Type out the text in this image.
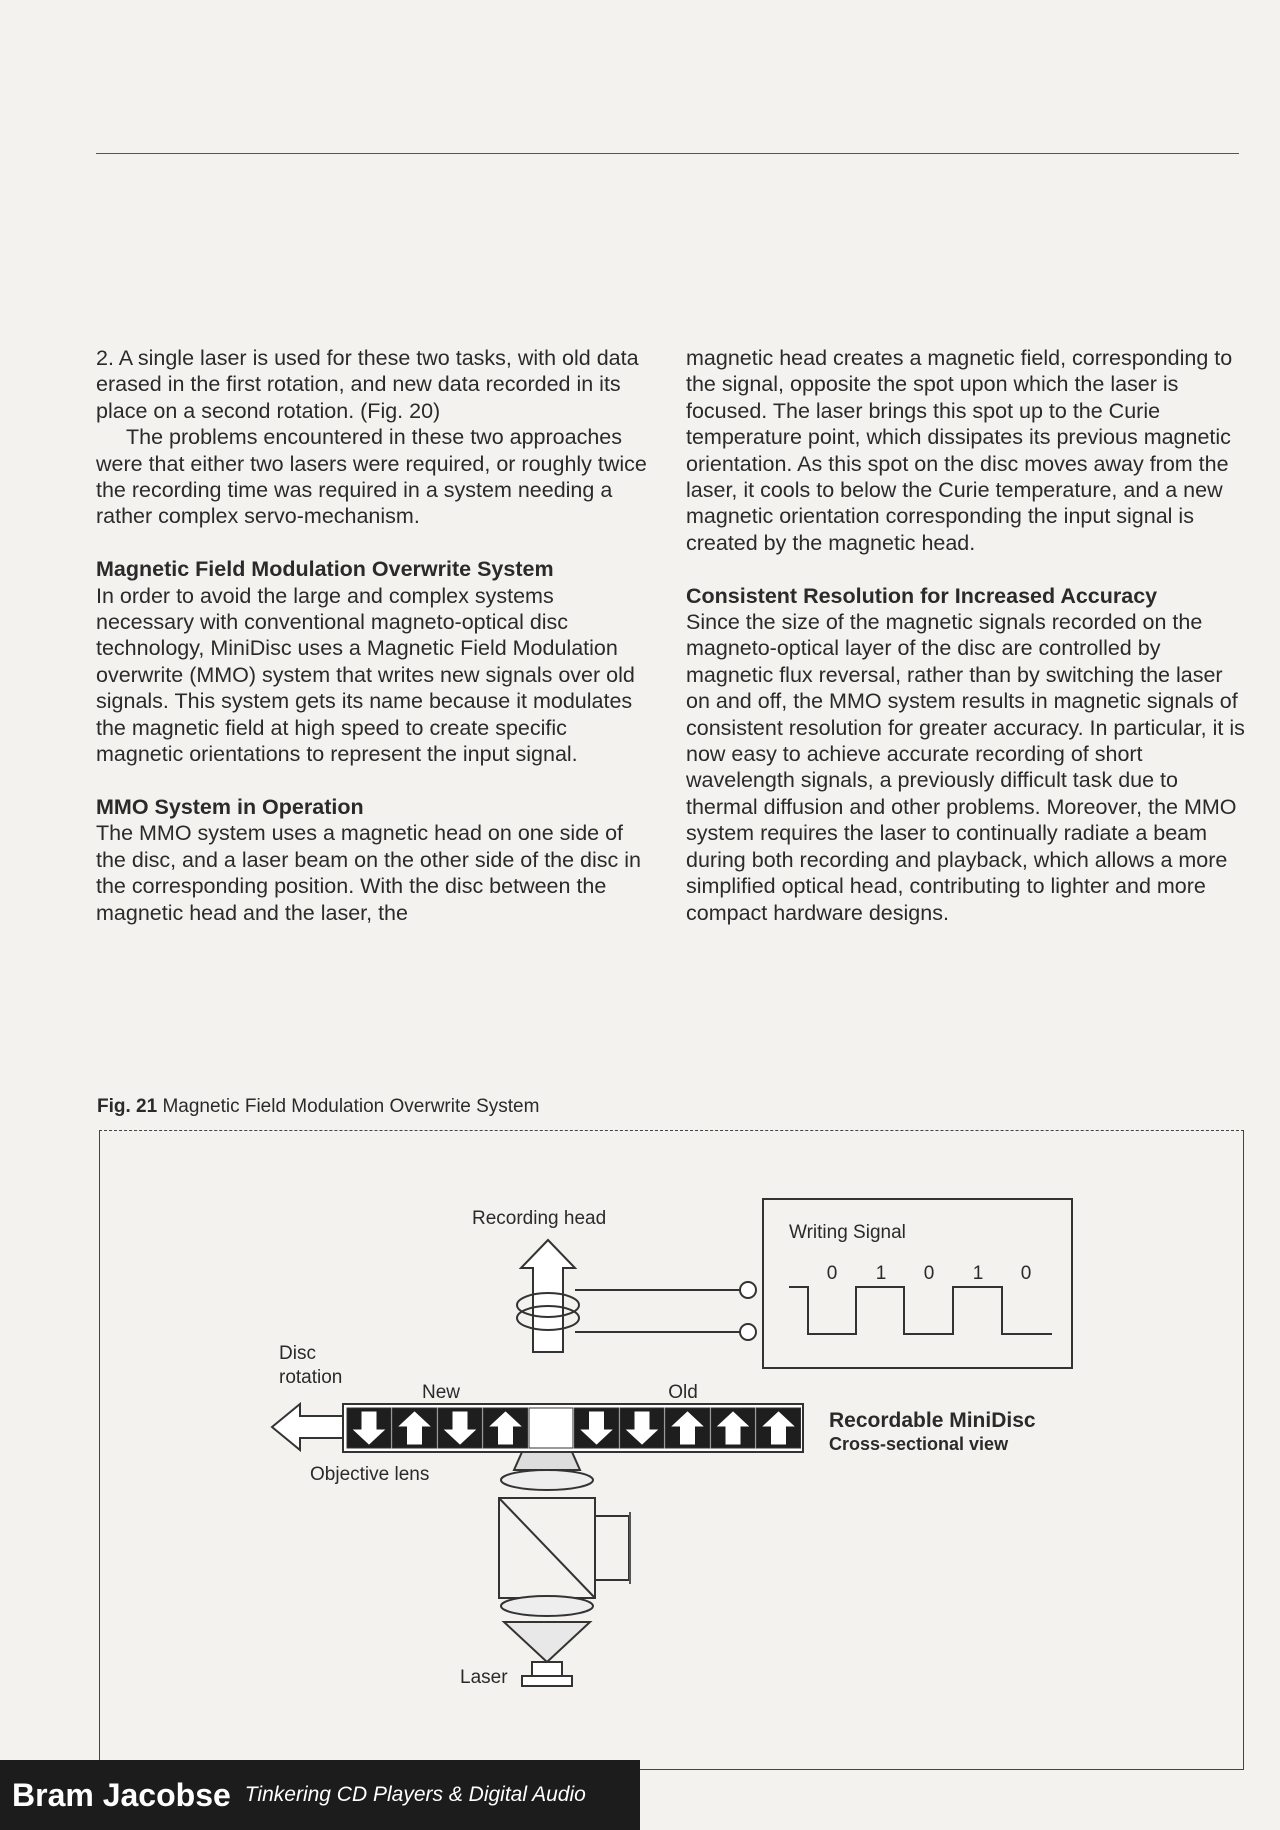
2. A single laser is used for these two tasks, with old data erased in the first rotation, and new data recorded in its place on a second rotation. (Fig. 20)

The problems encountered in these two approaches were that either two lasers were required, or roughly twice the recording time was required in a system needing a rather complex servo-mechanism.

Magnetic Field Modulation Overwrite System

In order to avoid the large and complex systems necessary with conventional magneto-optical disc technology, MiniDisc uses a Magnetic Field Modulation overwrite (MMO) system that writes new signals over old signals. This system gets its name because it modulates the magnetic field at high speed to create specific magnetic orientations to represent the input signal.

MMO System in Operation

The MMO system uses a magnetic head on one side of the disc, and a laser beam on the other side of the disc in the corresponding position. With the disc between the magnetic head and the laser, the

magnetic head creates a magnetic field, corresponding to the signal, opposite the spot upon which the laser is focused. The laser brings this spot up to the Curie temperature point, which dissipates its previous magnetic orientation. As this spot on the disc moves away from the laser, it cools to below the Curie temperature, and a new magnetic orientation corresponding the input signal is created by the magnetic head.

Consistent Resolution for Increased Accuracy

Since the size of the magnetic signals recorded on the magneto-optical layer of the disc are controlled by magnetic flux reversal, rather than by switching the laser on and off, the MMO system results in magnetic signals of consistent resolution for greater accuracy. In particular, it is now easy to achieve accurate recording of short wavelength signals, a previously difficult task due to thermal diffusion and other problems. Moreover, the MMO system requires the laser to continually radiate a beam during both recording and playback, which allows a more simplified optical head, contributing to lighter and more compact hardware designs.

Fig. 21 Magnetic Field Modulation Overwrite System
Recording head
Writing Signal
0 1 0 1 0
Disc
rotation
New	Old
Recordable MiniDisc
Cross-sectional view
Objective lens
Laser
Bram Jacobse Tinkering CD Players & Digital Audio
